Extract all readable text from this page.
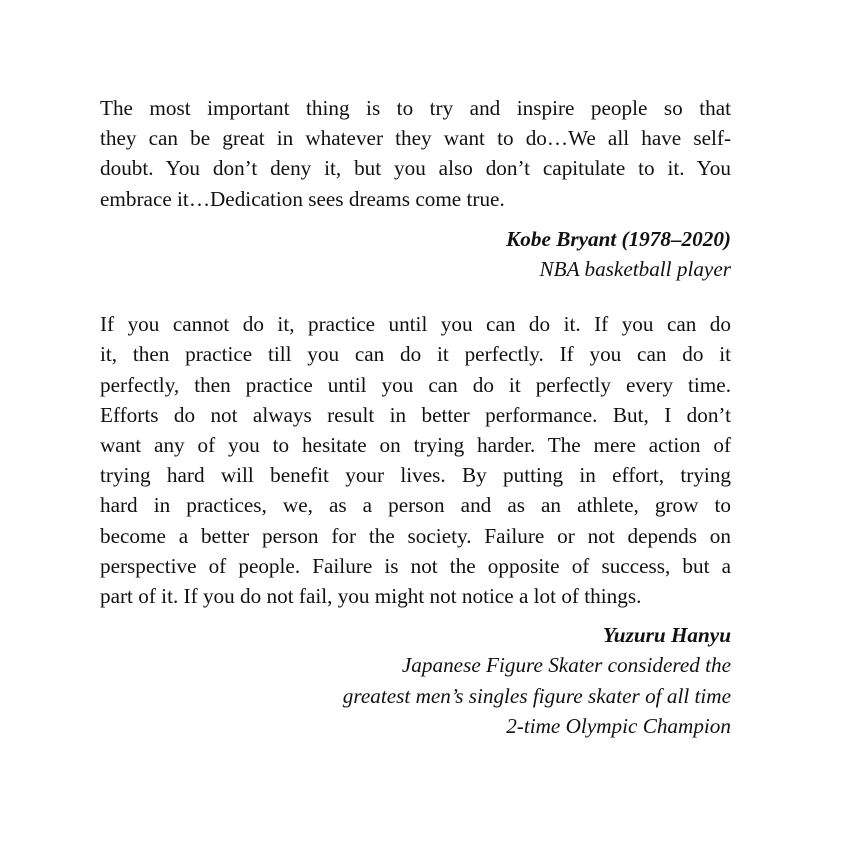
The most important thing is to try and inspire people so that
they can be great in whatever they want to do…We all have self-
doubt. You don’t deny it, but you also don’t capitulate to it. You
embrace it…Dedication sees dreams come true.

Kobe Bryant (1978–2020)
NBA basketball player

If you cannot do it, practice until you can do it. If you can do
it, then practice till you can do it perfectly. If you can do it
perfectly, then practice until you can do it perfectly every time.
Efforts do not always result in better performance. But, I don’t
want any of you to hesitate on trying harder. The mere action of
trying hard will benefit your lives. By putting in effort, trying
hard in practices, we, as a person and as an athlete, grow to
become a better person for the society. Failure or not depends on
perspective of people. Failure is not the opposite of success, but a
part of it. If you do not fail, you might not notice a lot of things.

Yuzuru Hanyu
Japanese Figure Skater considered the
greatest men’s singles figure skater of all time
2-time Olympic Champion
